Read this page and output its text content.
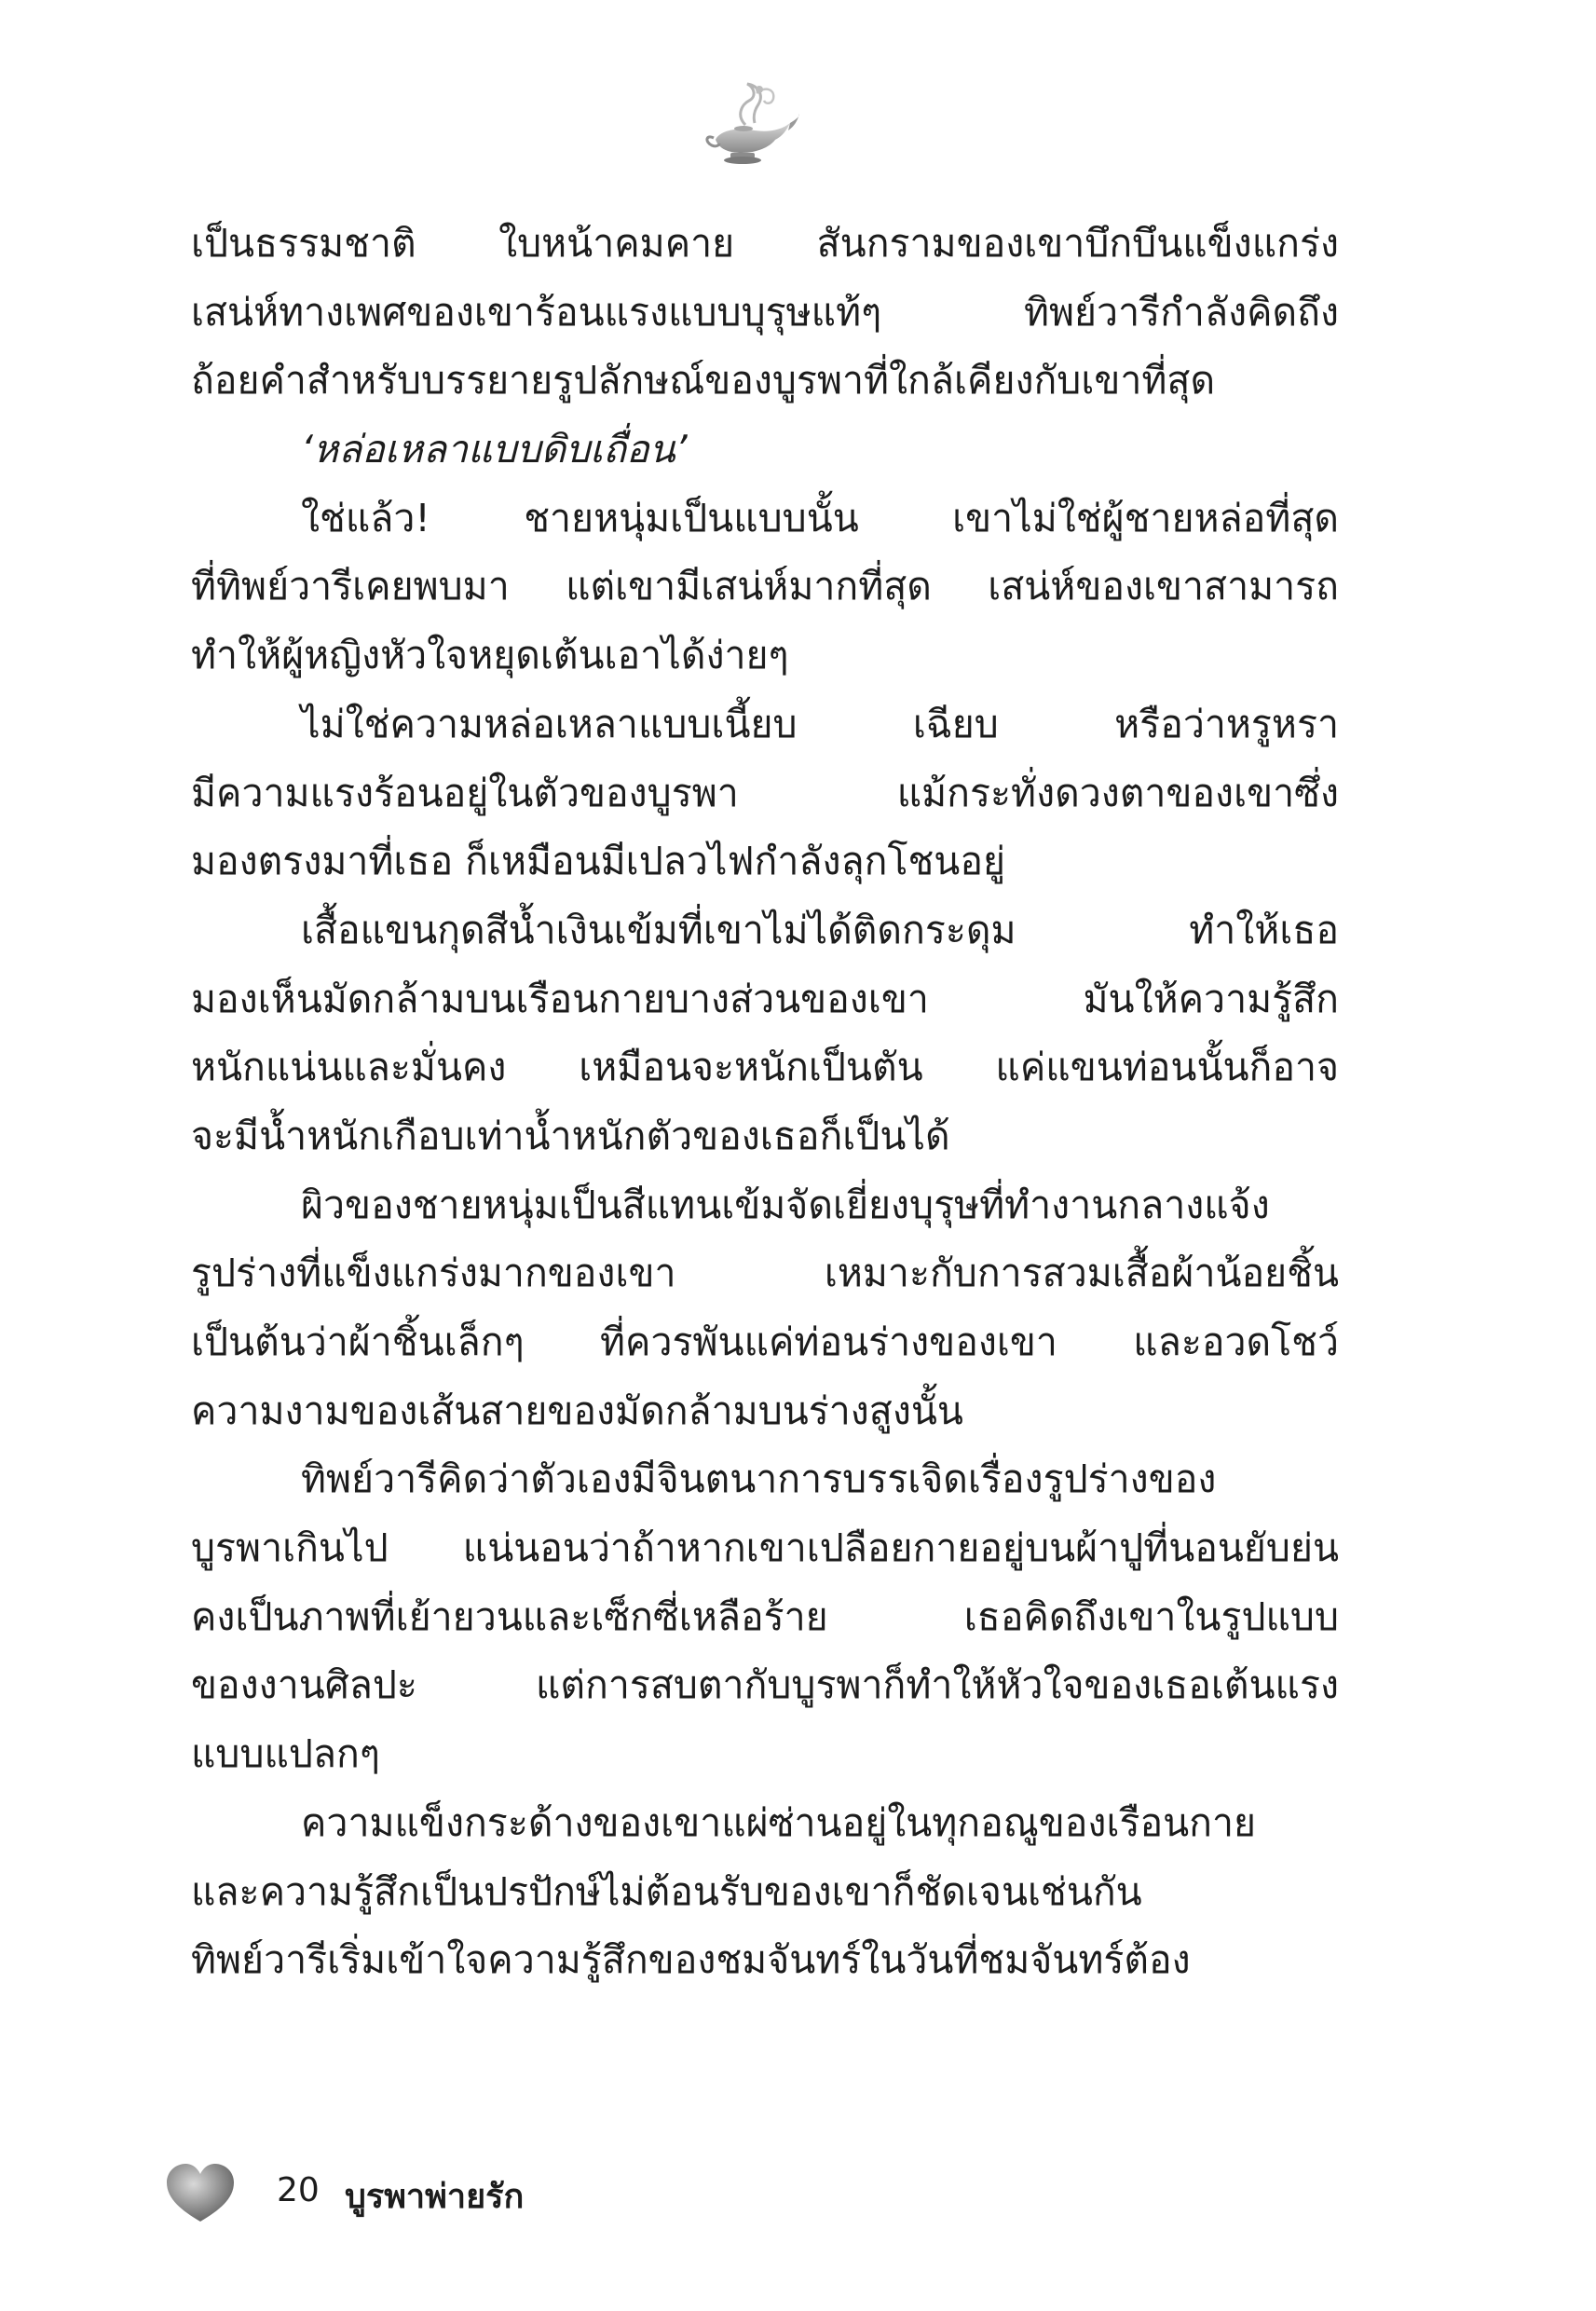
เป็นธรรมชาติ ใบหน้าคมคาย สันกรามของเขาบึกบึนแข็งแกร่ง
เสน่ห์ทางเพศของเขาร้อนแรงแบบบุรุษแท้ๆ ทิพย์วารีกำลังคิดถึง
ถ้อยคำสำหรับบรรยายรูปลักษณ์ของบูรพาที่ใกล้เคียงกับเขาที่สุด
‘หล่อเหลาแบบดิบเถื่อน’
ใช่แล้ว! ชายหนุ่มเป็นแบบนั้น เขาไม่ใช่ผู้ชายหล่อที่สุด
ที่ทิพย์วารีเคยพบมา แต่เขามีเสน่ห์มากที่สุด เสน่ห์ของเขาสามารถ
ทำให้ผู้หญิงหัวใจหยุดเต้นเอาได้ง่ายๆ
ไม่ใช่ความหล่อเหลาแบบเนี้ยบ เฉียบ หรือว่าหรูหรา
มีความแรงร้อนอยู่ในตัวของบูรพา แม้กระทั่งดวงตาของเขาซึ่ง
มองตรงมาที่เธอ ก็เหมือนมีเปลวไฟกำลังลุกโชนอยู่
เสื้อแขนกุดสีน้ำเงินเข้มที่เขาไม่ได้ติดกระดุม ทำให้เธอ
มองเห็นมัดกล้ามบนเรือนกายบางส่วนของเขา มันให้ความรู้สึก
หนักแน่นและมั่นคง เหมือนจะหนักเป็นตัน แค่แขนท่อนนั้นก็อาจ
จะมีน้ำหนักเกือบเท่าน้ำหนักตัวของเธอก็เป็นได้
ผิวของชายหนุ่มเป็นสีแทนเข้มจัดเยี่ยงบุรุษที่ทำงานกลางแจ้ง
รูปร่างที่แข็งแกร่งมากของเขา เหมาะกับการสวมเสื้อผ้าน้อยชิ้น
เป็นต้นว่าผ้าชิ้นเล็กๆ ที่ควรพันแค่ท่อนร่างของเขา และอวดโชว์
ความงามของเส้นสายของมัดกล้ามบนร่างสูงนั้น
ทิพย์วารีคิดว่าตัวเองมีจินตนาการบรรเจิดเรื่องรูปร่างของ
บูรพาเกินไป แน่นอนว่าถ้าหากเขาเปลือยกายอยู่บนผ้าปูที่นอนยับย่น
คงเป็นภาพที่เย้ายวนและเซ็กซี่เหลือร้าย เธอคิดถึงเขาในรูปแบบ
ของงานศิลปะ แต่การสบตากับบูรพาก็ทำให้หัวใจของเธอเต้นแรง
แบบแปลกๆ
ความแข็งกระด้างของเขาแผ่ซ่านอยู่ในทุกอณูของเรือนกาย
และความรู้สึกเป็นปรปักษ์ไม่ต้อนรับของเขาก็ชัดเจนเช่นกัน
ทิพย์วารีเริ่มเข้าใจความรู้สึกของชมจันทร์ในวันที่ชมจันทร์ต้อง
20 บูรพาพ่ายรัก
